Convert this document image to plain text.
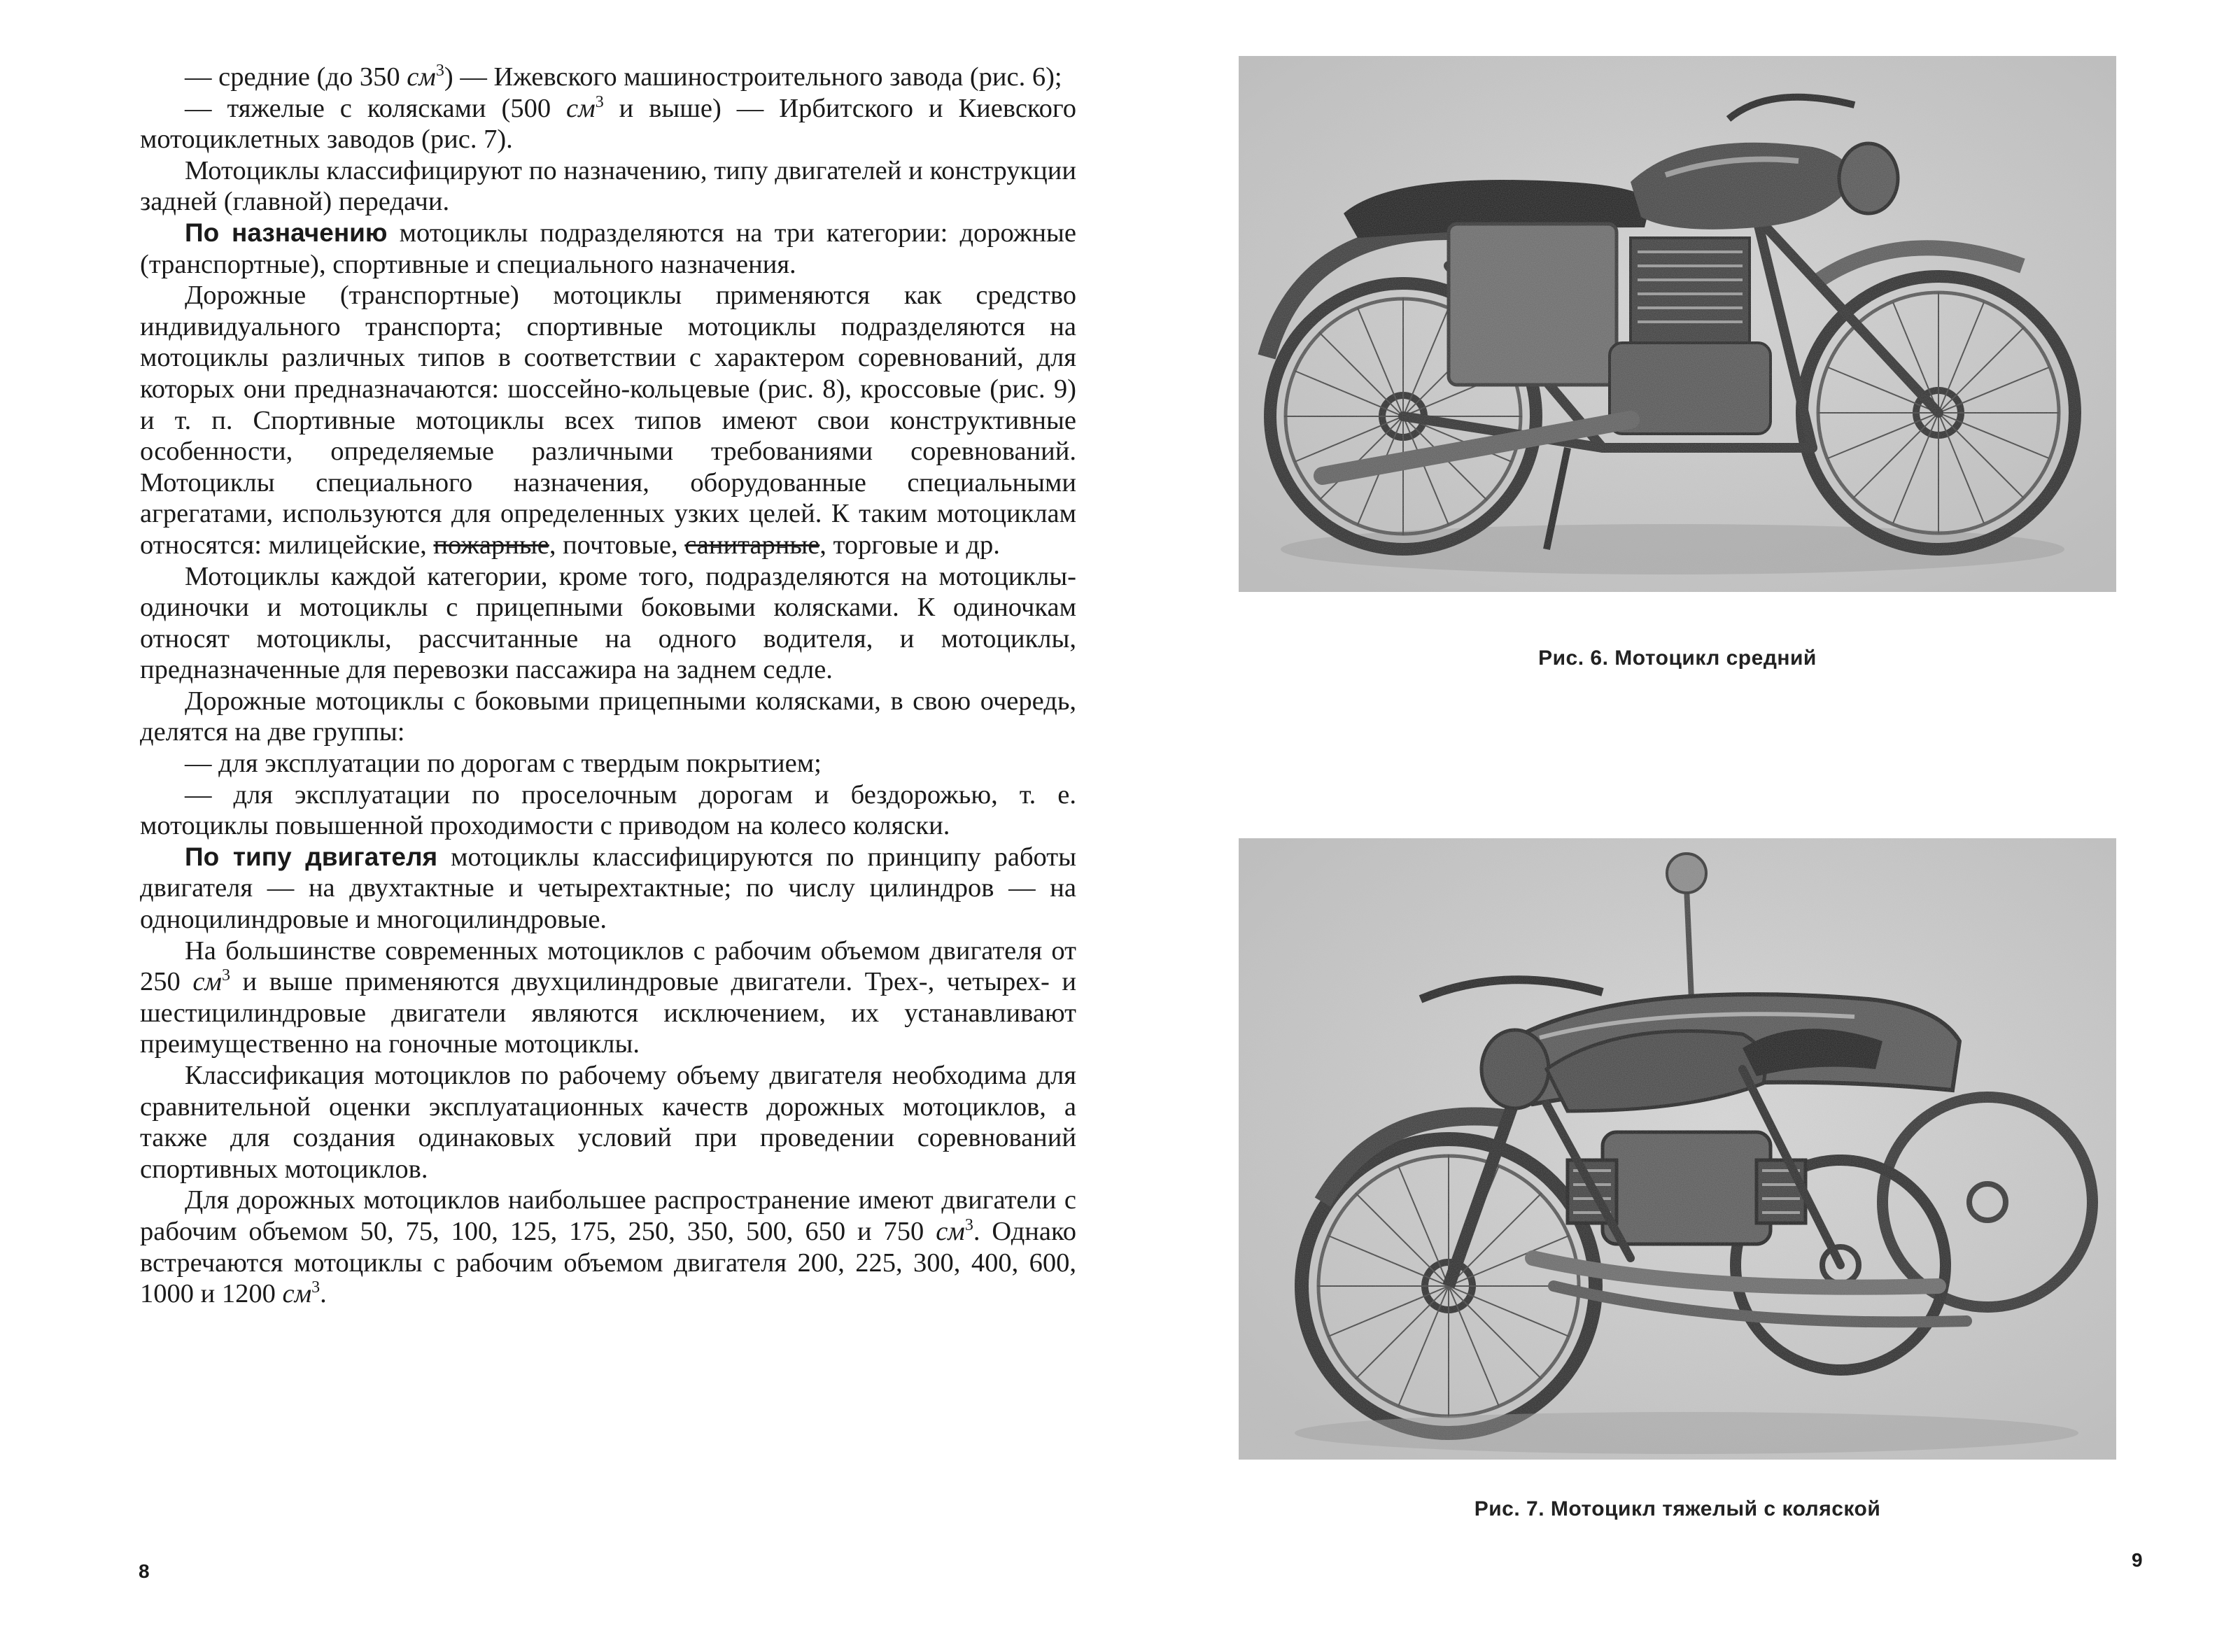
— средние (до 350 $см^3$) — Ижевского машиностроительного завода (рис. 6);

— тяжелые с колясками (500 $см^3$ и выше) — Ирбитского и Киевского мотоциклетных заводов (рис. 7).

Мотоциклы классифицируют по назначению, типу двигателей и конструкции задней (главной) передачи.

По назначению мотоциклы подразделяются на три категории: дорожные (транспортные), спортивные и специального назначения.

Дорожные (транспортные) мотоциклы применяются как средство индивидуального транспорта; спортивные мотоциклы подразделяются на мотоциклы различных типов в соответствии с характером соревнований, для которых они предназначаются: шоссейно-кольцевые (рис. 8), кроссовые (рис. 9) и т. п. Спортивные мотоциклы всех типов имеют свои конструктивные особенности, определяемые различными требованиями соревнований. Мотоциклы специального назначения, оборудованные специальными агрегатами, используются для определенных узких целей. К таким мотоциклам относятся: милицейские, пожарные, почтовые, санитарные, торговые и др.

Мотоциклы каждой категории, кроме того, подразделяются на мотоциклы-одиночки и мотоциклы с прицепными боковыми колясками. К одиночкам относят мотоциклы, рассчитанные на одного водителя, и мотоциклы, предназначенные для перевозки пассажира на заднем седле.

Дорожные мотоциклы с боковыми прицепными колясками, в свою очередь, делятся на две группы:

— для эксплуатации по дорогам с твердым покрытием;

— для эксплуатации по проселочным дорогам и бездорожью, т. е. мотоциклы повышенной проходимости с приводом на колесо коляски.

По типу двигателя мотоциклы классифицируются по принципу работы двигателя — на двухтактные и четырехтактные; по числу цилиндров — на одноцилиндровые и многоцилиндровые.

На большинстве современных мотоциклов с рабочим объемом двигателя от 250 $см^3$ и выше применяются двухцилиндровые двигатели. Трех-, четырех- и шестицилиндровые двигатели являются исключением, их устанавливают преимущественно на гоночные мотоциклы.

Классификация мотоциклов по рабочему объему двигателя необходима для сравнительной оценки эксплуатационных качеств дорожных мотоциклов, а также для создания одинаковых условий при проведении соревнований спортивных мотоциклов.

Для дорожных мотоциклов наибольшее распространение имеют двигатели с рабочим объемом 50, 75, 100, 125, 175, 250, 350, 500, 650 и 750 $см^3$. Однако встречаются мотоциклы с рабочим объемом двигателя 200, 225, 300, 400, 600, 1000 и 1200 $см^3$.

8
Рис. 6. Мотоцикл средний
Рис. 7. Мотоцикл тяжелый с коляской
9
